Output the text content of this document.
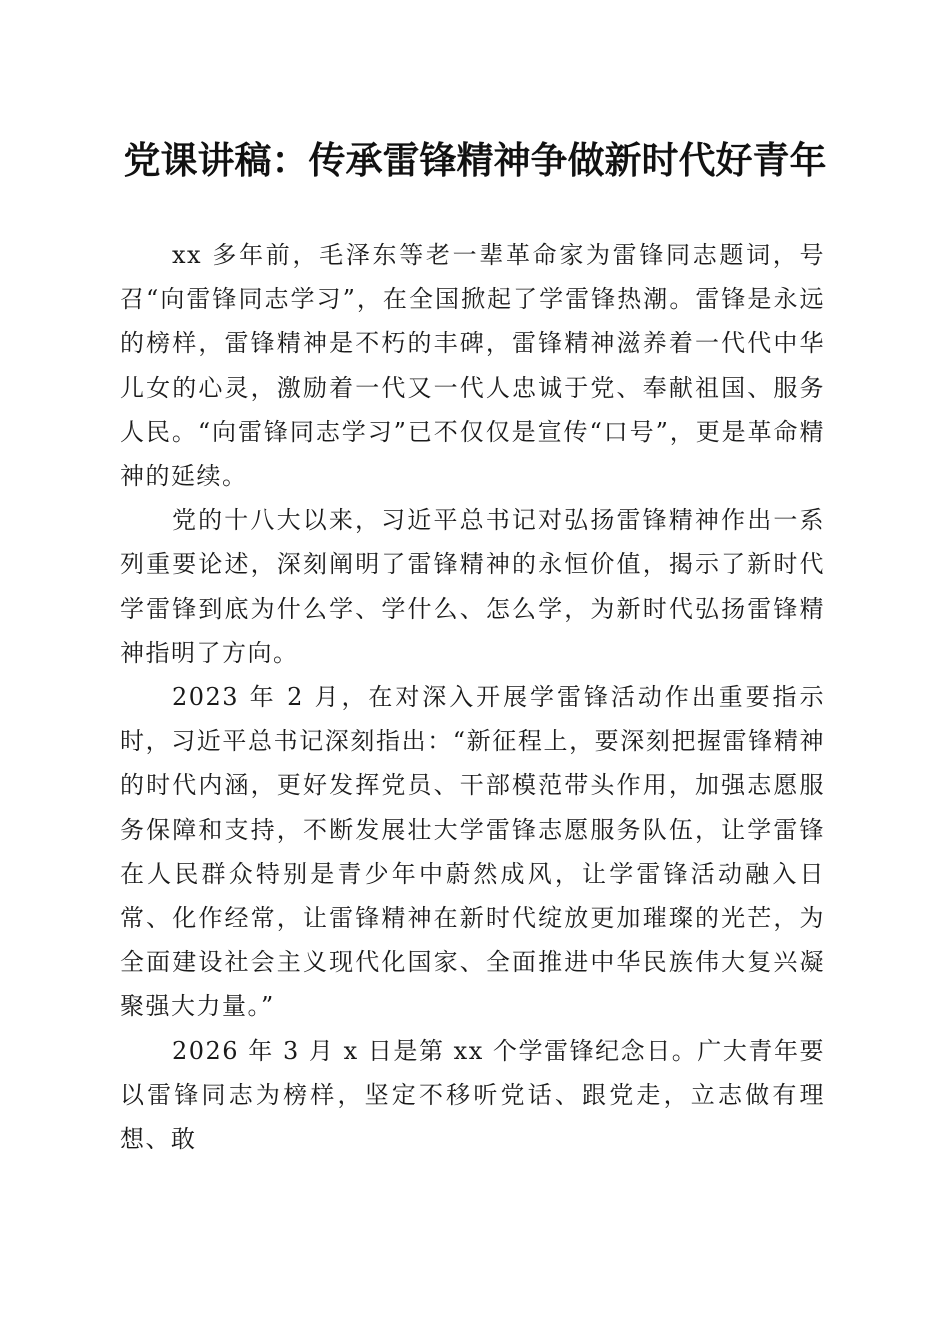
党课讲稿：传承雷锋精神争做新时代好青年

xx 多年前，毛泽东等老一辈革命家为雷锋同志题词，号召“向雷锋同志学习”，在全国掀起了学雷锋热潮。雷锋是永远的榜样，雷锋精神是不朽的丰碑，雷锋精神滋养着一代代中华儿女的心灵，激励着一代又一代人忠诚于党、奉献祖国、服务人民。“向雷锋同志学习”已不仅仅是宣传“口号”，更是革命精神的延续。

党的十八大以来，习近平总书记对弘扬雷锋精神作出一系列重要论述，深刻阐明了雷锋精神的永恒价值，揭示了新时代学雷锋到底为什么学、学什么、怎么学，为新时代弘扬雷锋精神指明了方向。

2023 年 2 月，在对深入开展学雷锋活动作出重要指示时，习近平总书记深刻指出：“新征程上，要深刻把握雷锋精神的时代内涵，更好发挥党员、干部模范带头作用，加强志愿服务保障和支持，不断发展壮大学雷锋志愿服务队伍，让学雷锋在人民群众特别是青少年中蔚然成风，让学雷锋活动融入日常、化作经常，让雷锋精神在新时代绽放更加璀璨的光芒，为全面建设社会主义现代化国家、全面推进中华民族伟大复兴凝聚强大力量。”

2026 年 3 月 x 日是第 xx 个学雷锋纪念日。广大青年要以雷锋同志为榜样，坚定不移听党话、跟党走，立志做有理想、敢
